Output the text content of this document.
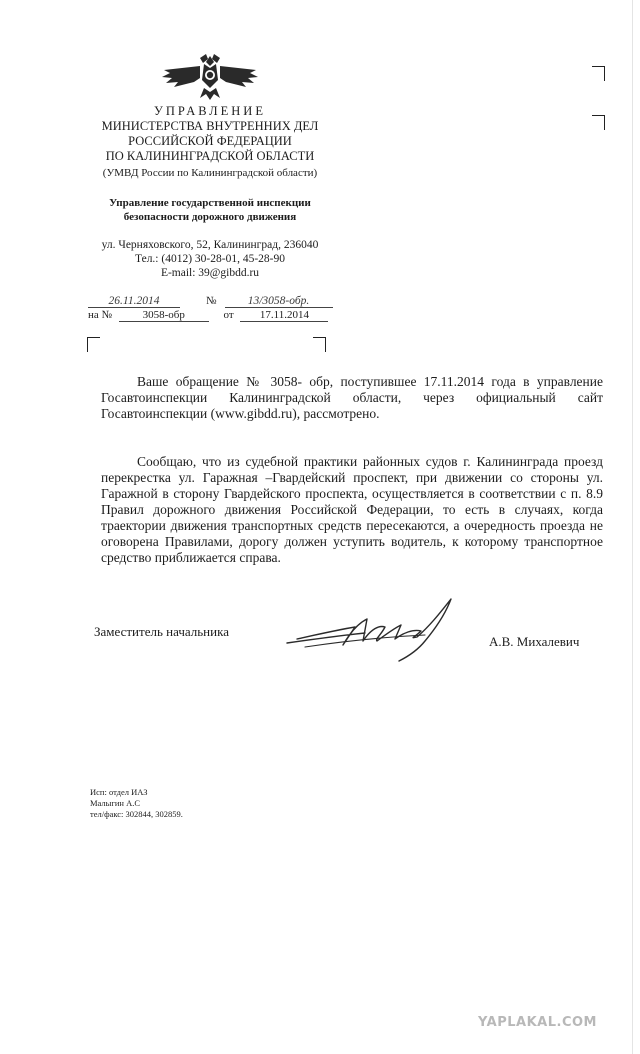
УПРАВЛЕНИЕ
МИНИСТЕРСТВА ВНУТРЕННИХ ДЕЛ
РОССИЙСКОЙ ФЕДЕРАЦИИ
ПО КАЛИНИНГРАДСКОЙ ОБЛАСТИ
(УМВД России по Калининградской области)
Управление государственной инспекции
безопасности дорожного движения
ул. Черняховского, 52, Калининград, 236040
Тел.: (4012) 30-28-01, 45-28-90
E-mail: 39@gibdd.ru
26.11.2014	№	13/3058-обр.
на №	3058-обр	от 17.11.2014

Ваше обращение № 3058- обр, поступившее 17.11.2014 года в управление Госавтоинспекции Калининградской области, через официальный сайт Госавтоинспекции (www.gibdd.ru), рассмотрено.

Сообщаю, что из судебной практики районных судов г. Калининграда проезд перекрестка ул. Гаражная –Гвардейский проспект, при движении со стороны ул. Гаражной в сторону Гвардейского проспекта, осуществляется в соответствии с п. 8.9 Правил дорожного движения Российской Федерации, то есть в случаях, когда траектории движения транспортных средств пересекаются, а очередность проезда не оговорена Правилами, дорогу должен уступить водитель, к которому транспортное средство приближается справа.

Заместитель начальника
А.В. Михалевич
Исп: отдел ИАЗ
Малыгин А.С
тел/факс: 302844, 302859.
YAPLAKAL.COM
